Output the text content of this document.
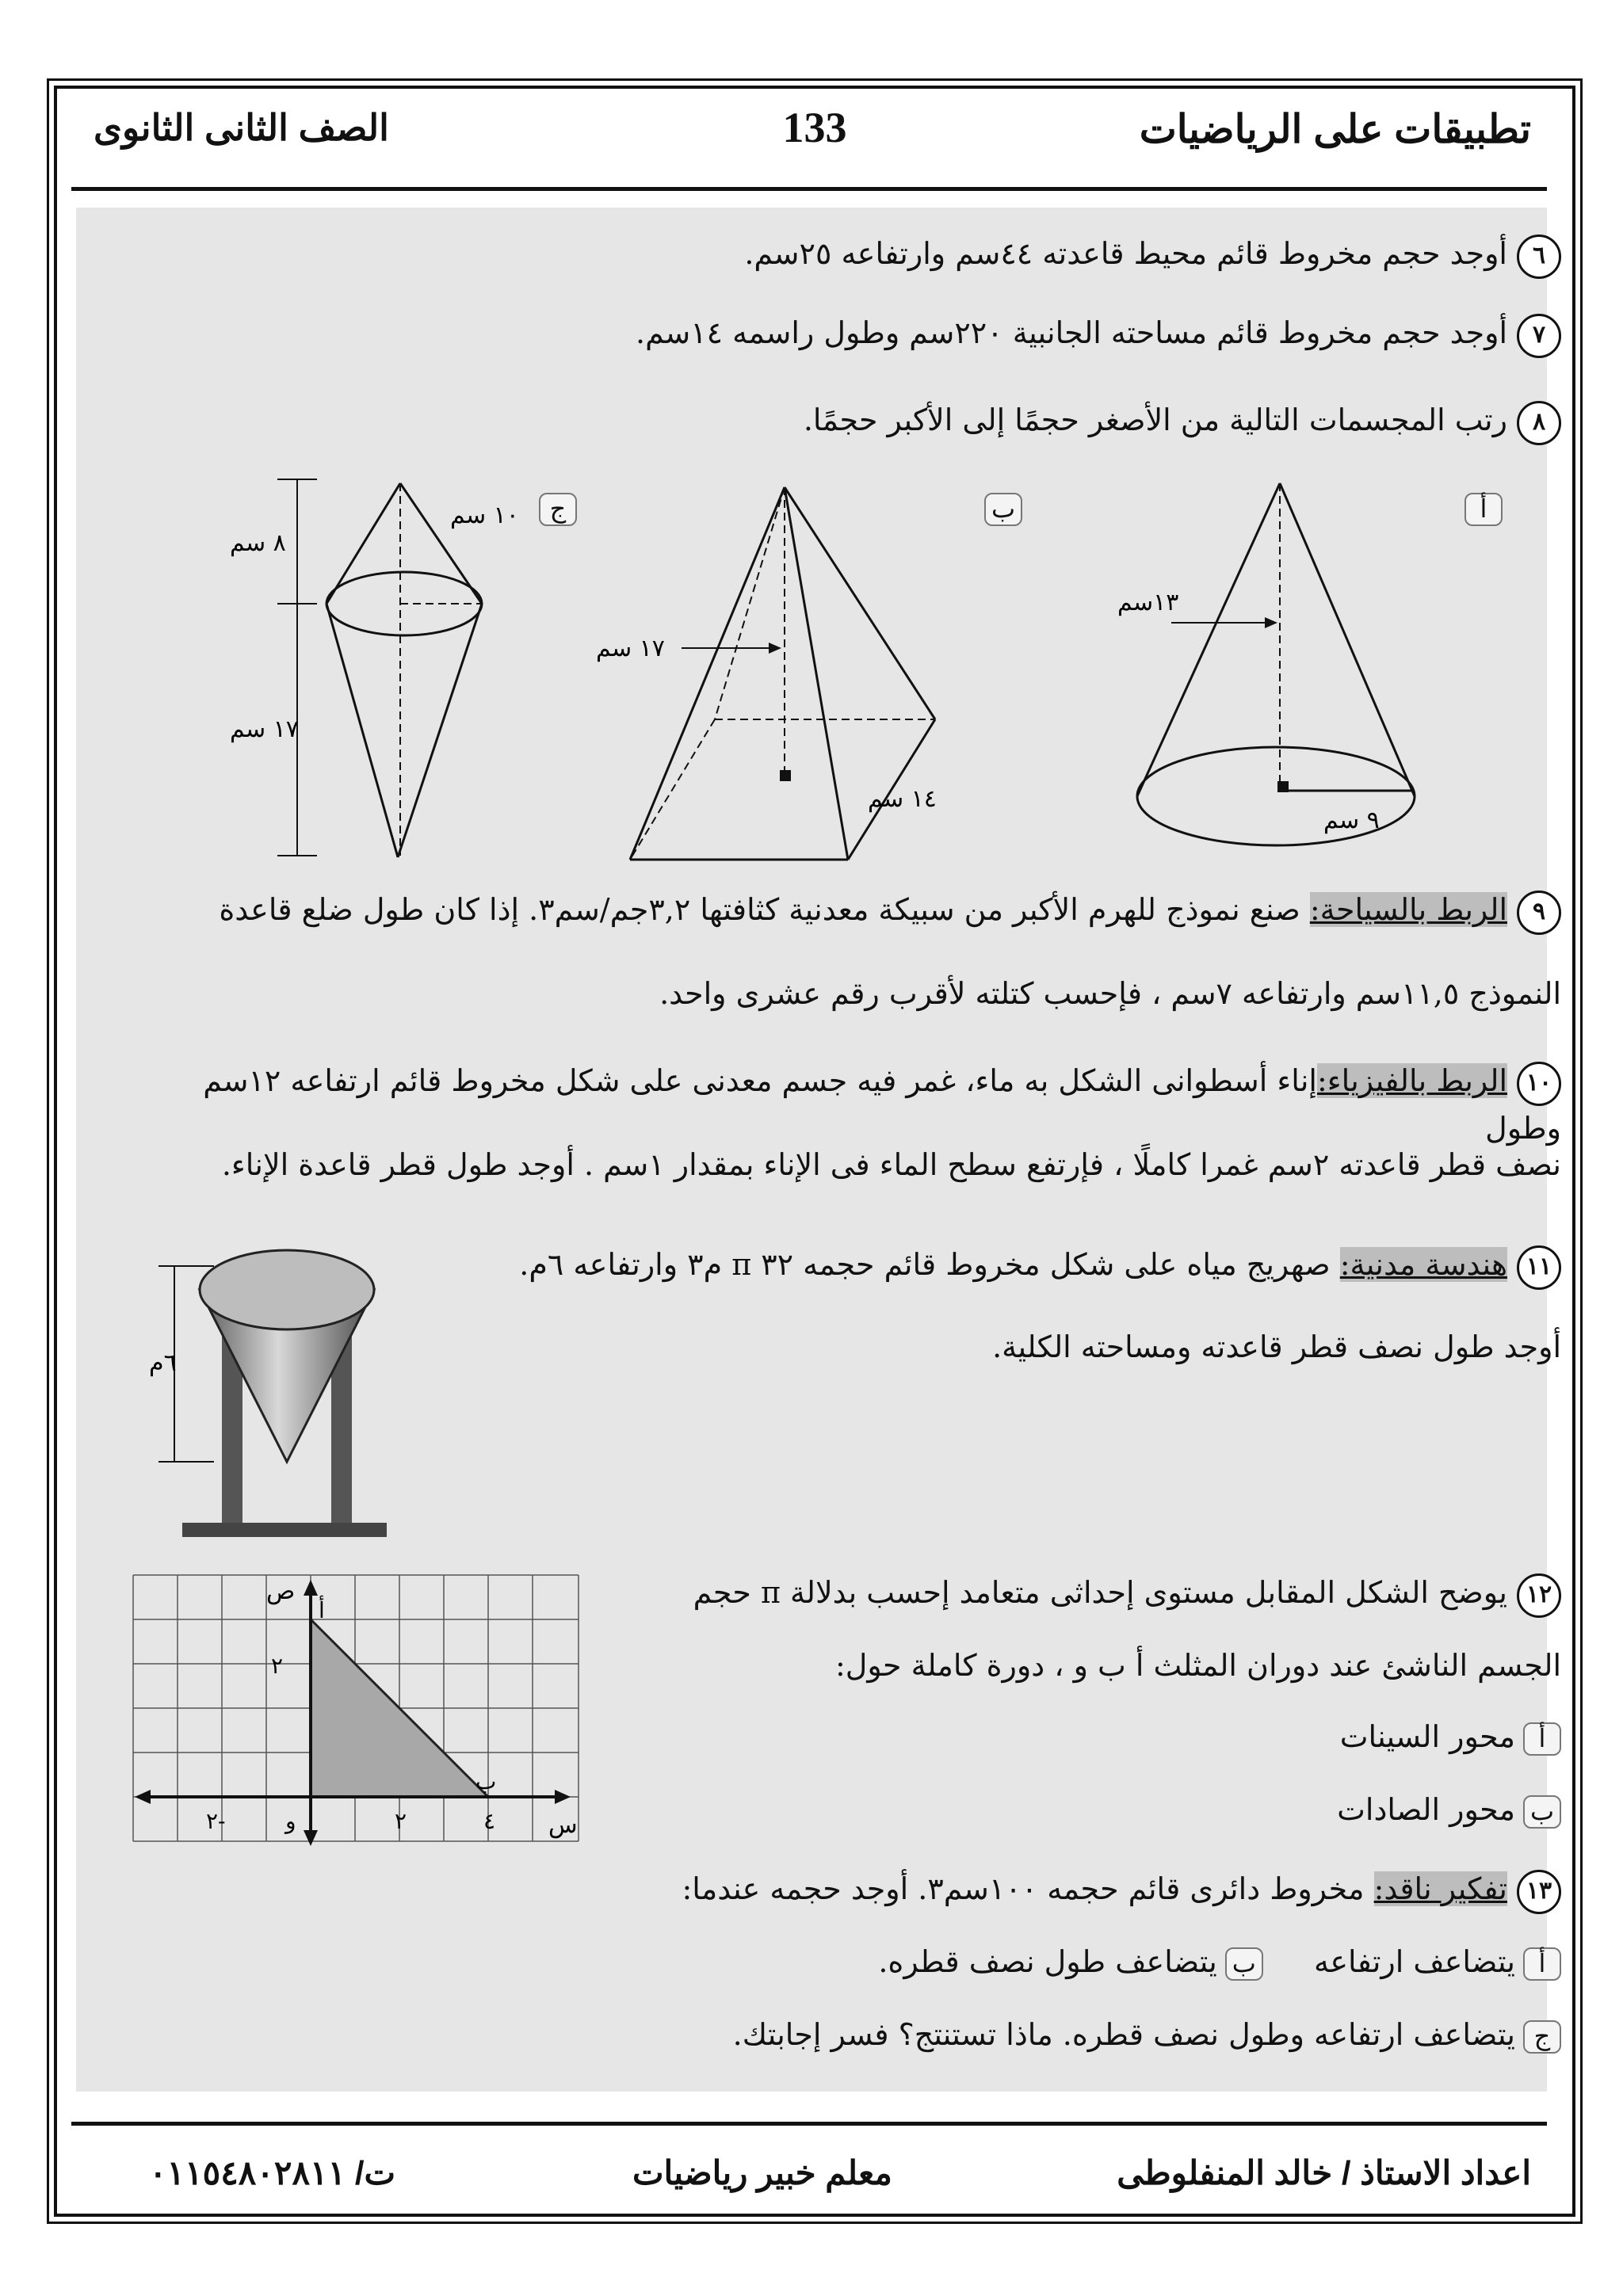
تطبيقات على الرياضيات
133
الصف الثانى الثانوى
٦أوجد حجم مخروط قائم محيط قاعدته ٤٤سم وارتفاعه ٢٥سم.
٧أوجد حجم مخروط قائم مساحته الجانبية ٢٢٠سم وطول راسمه ١٤سم.
٨رتب المجسمات التالية من الأصغر حجمًا إلى الأكبر حجمًا.
١٣سم
٩ سم
أ
١٧ سم
١٤ سم
ب
٨ سم
١٧ سم
١٠ سم	ج
٩الربط بالسياحة: صنع نموذج للهرم الأكبر من سبيكة معدنية كثافتها ٣,٢جم/سم٣. إذا كان طول ضلع قاعدة
النموذج ١١,٥سم وارتفاعه ٧سم ، فإحسب كتلته لأقرب رقم عشرى واحد.
١٠الربط بالفيزياء:إناء أسطوانى الشكل به ماء، غمر فيه جسم معدنى على شكل مخروط قائم ارتفاعه ١٢سم وطول
نصف قطر قاعدته ٢سم غمرا كاملًا ، فإرتفع سطح الماء فى الإناء بمقدار ١سم . أوجد طول قطر قاعدة الإناء.
١١هندسة مدنية: صهريج مياه على شكل مخروط قائم حجمه ٣٢ π م٣ وارتفاعه ٦م.
أوجد طول نصف قطر قاعدته ومساحته الكلية.
٦م
١٢يوضح الشكل المقابل مستوى إحداثى متعامد إحسب بدلالة π حجم
الجسم الناشئ عند دوران المثلث أ ب و ، دورة كاملة حول:
أمحور السينات
بمحور الصادات
ص
س
أ
ب
و
٢
٢	٤
٢-
١٣تفكير ناقد: مخروط دائرى قائم حجمه ١٠٠سم٣. أوجد حجمه عندما:
أيتضاعف ارتفاعه  بيتضاعف طول نصف قطره.
جيتضاعف ارتفاعه وطول نصف قطره. ماذا تستنتج؟ فسر إجابتك.
اعداد الاستاذ / خالد المنفلوطى
معلم خبير رياضيات
ت/ ٠١١٥٤٨٠٢٨١١
